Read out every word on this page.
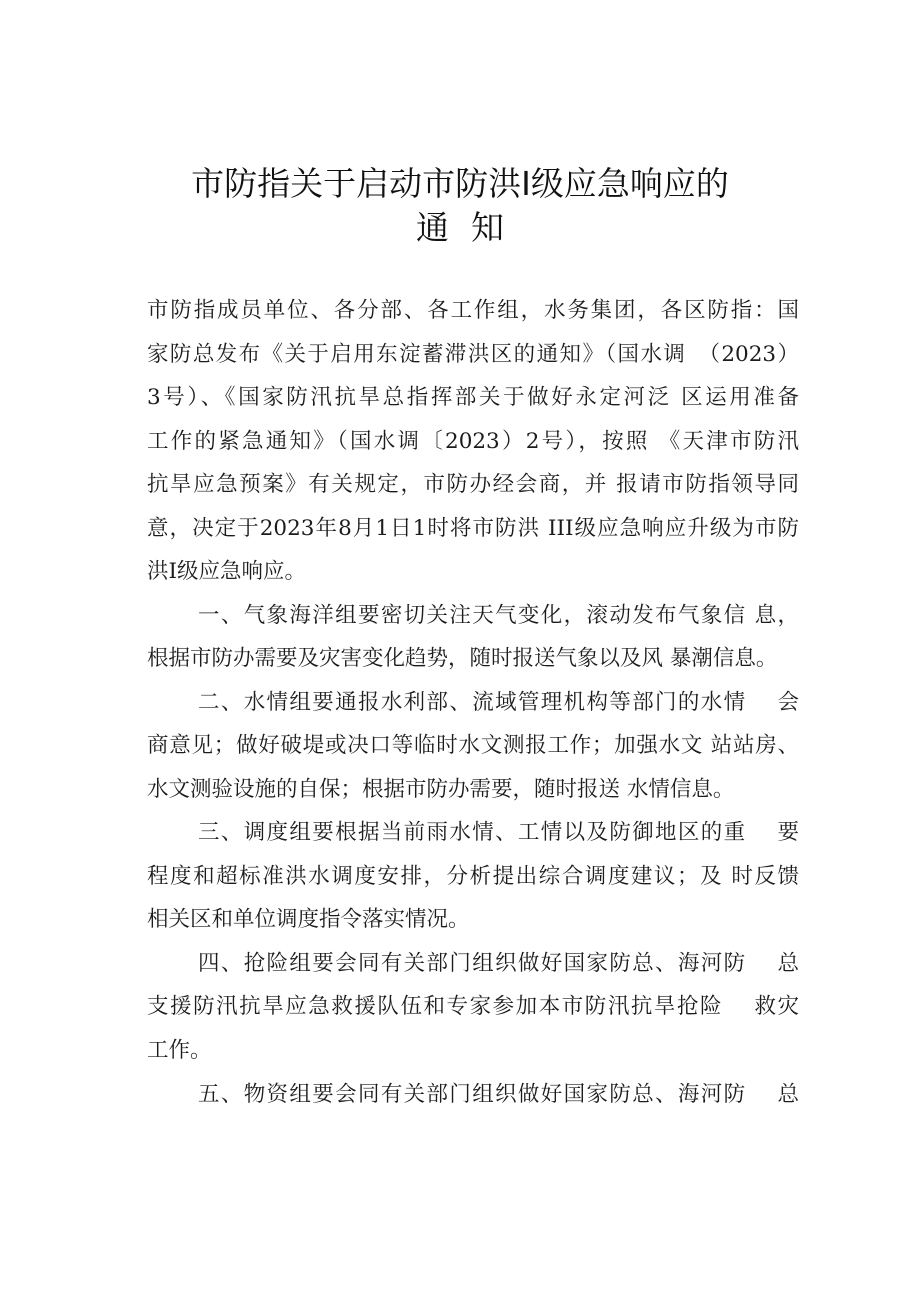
市防指关于启动市防洪Ⅰ级应急响应的
通知
市防指成员单位、各分部、各工作组，水务集团，各区防指：国
家防总发布《关于启用东淀蓄滞洪区的通知》（国水调　（2023）
3号）、《国家防汛抗旱总指挥部关于做好永定河泛 区运用准备
工作的紧急通知》（国水调〔2023）2号），按照 《天津市防汛
抗旱应急预案》有关规定，市防办经会商，并 报请市防指领导同
意，决定于2023年8月1日1时将市防洪 III级应急响应升级为市防
洪I级应急响应。
一、气象海洋组要密切关注天气变化，滚动发布气象信 息，
根据市防办需要及灾害变化趋势，随时报送气象以及风 暴潮信息。
二、水情组要通报水利部、流域管理机构等部门的水情　 会
商意见；做好破堤或决口等临时水文测报工作；加强水文 站站房、
水文测验设施的自保；根据市防办需要，随时报送 水情信息。
三、调度组要根据当前雨水情、工情以及防御地区的重　 要
程度和超标准洪水调度安排，分析提出综合调度建议；及 时反馈
相关区和单位调度指令落实情况。
四、抢险组要会同有关部门组织做好国家防总、海河防　 总
支援防汛抗旱应急救援队伍和专家参加本市防汛抗旱抢险　 救灾
工作。
五、物资组要会同有关部门组织做好国家防总、海河防　 总
